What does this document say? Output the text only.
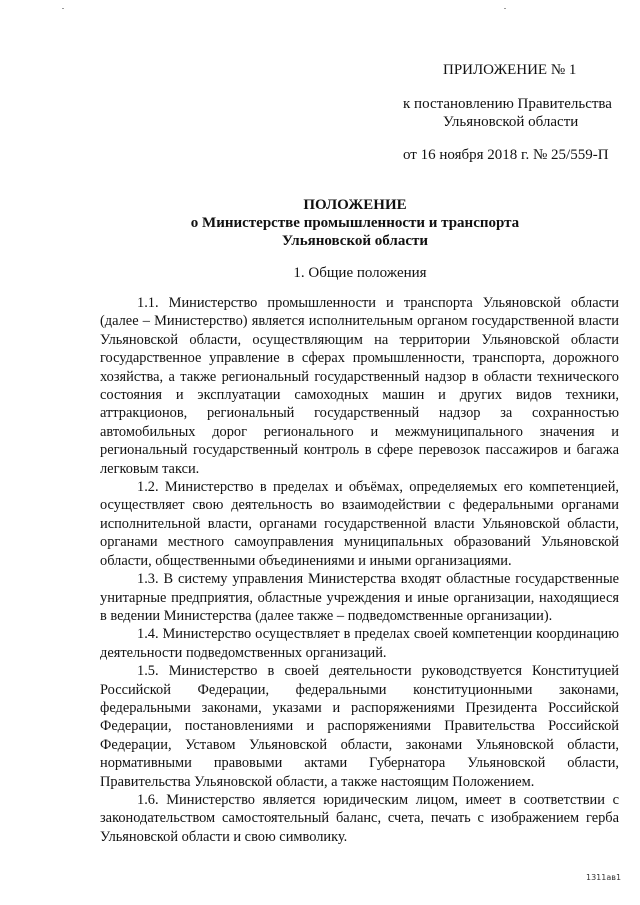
ПРИЛОЖЕНИЕ № 1
к постановлению Правительства
Ульяновской области
от 16 ноября 2018 г. № 25/559-П
ПОЛОЖЕНИЕ
о Министерстве промышленности и транспорта
Ульяновской области
1. Общие положения

1.1. Министерство промышленности и транспорта Ульяновской области (далее – Министерство) является исполнительным органом государственной власти Ульяновской области, осуществляющим на территории Ульяновской области государственное управление в сферах промышленности, транспорта, дорожного хозяйства, а также региональный государственный надзор в области технического состояния и эксплуатации самоходных машин и других видов техники, аттракционов, региональный государственный надзор за сохранностью автомобильных дорог регионального и межмуниципального значения и региональный государственный контроль в сфере перевозок пассажиров и багажа легковым такси.

1.2. Министерство в пределах и объёмах, определяемых его компетенцией, осуществляет свою деятельность во взаимодействии с федеральными органами исполнительной власти, органами государственной власти Ульяновской области, органами местного самоуправления муниципальных образований Ульяновской области, общественными объединениями и иными организациями.

1.3. В систему управления Министерства входят областные государственные унитарные предприятия, областные учреждения и иные организации, находящиеся в ведении Министерства (далее также – подведомственные организации).

1.4. Министерство осуществляет в пределах своей компетенции координацию деятельности подведомственных организаций.

1.5. Министерство в своей деятельности руководствуется Конституцией Российской Федерации, федеральными конституционными законами, федеральными законами, указами и распоряжениями Президента Российской Федерации, постановлениями и распоряжениями Правительства Российской Федерации, Уставом Ульяновской области, законами Ульяновской области, нормативными правовыми актами Губернатора Ульяновской области, Правительства Ульяновской области, а также настоящим Положением.

1.6. Министерство является юридическим лицом, имеет в соответствии с законодательством самостоятельный баланс, счета, печать с изображением герба Ульяновской области и свою символику.

1311ав1
